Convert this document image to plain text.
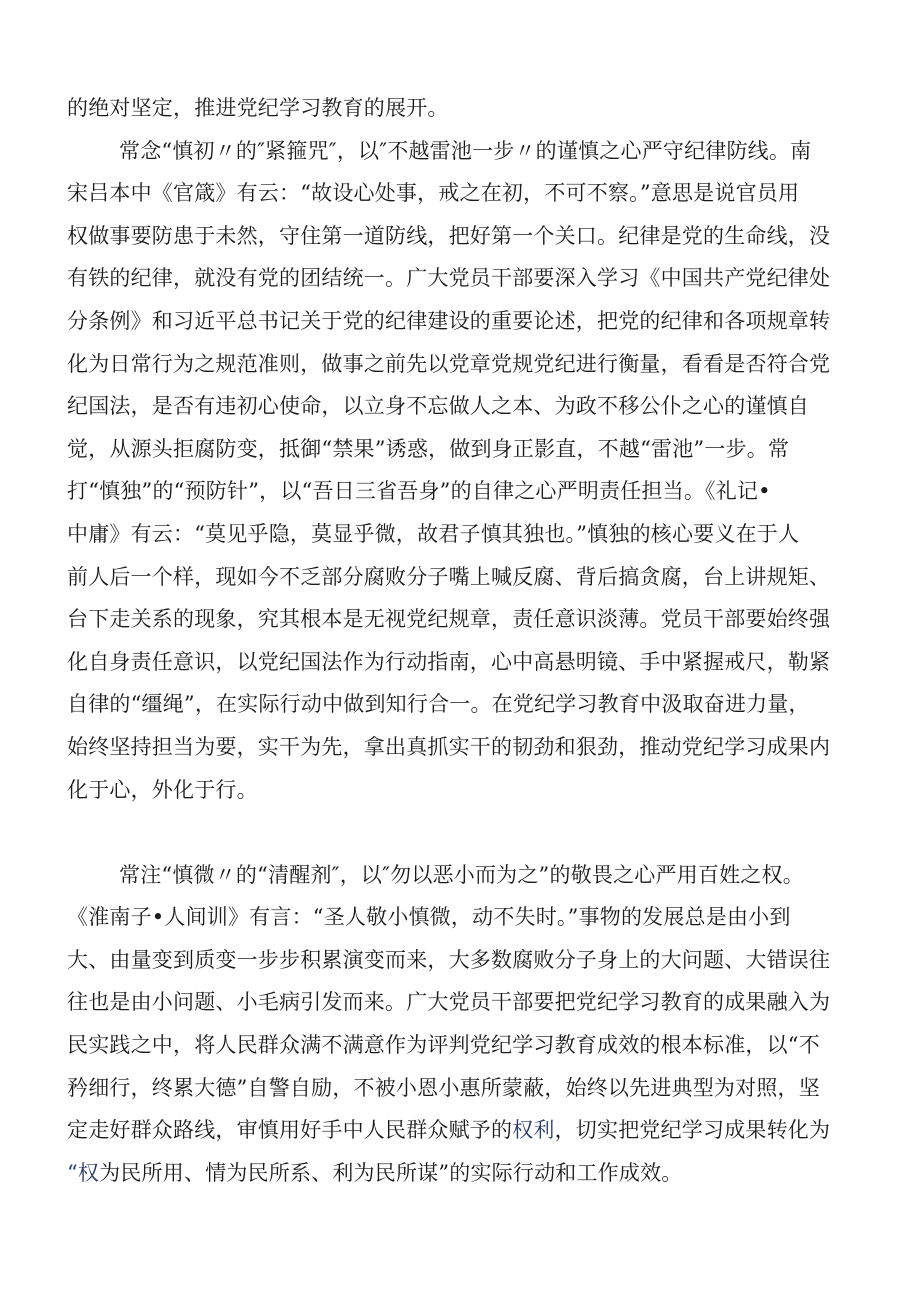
的绝对坚定，推进党纪学习教育的展开。
常念“慎初〃的″紧箍咒″，以″不越雷池一步〃的谨慎之心严守纪律防线。南
宋吕本中《官箴》有云：“故设心处事，戒之在初，不可不察。”意思是说官员用
权做事要防患于未然，守住第一道防线，把好第一个关口。纪律是党的生命线，没
有铁的纪律，就没有党的团结统一。广大党员干部要深入学习《中国共产党纪律处
分条例》和习近平总书记关于党的纪律建设的重要论述，把党的纪律和各项规章转
化为日常行为之规范准则，做事之前先以党章党规党纪进行衡量，看看是否符合党
纪国法，是否有违初心使命，以立身不忘做人之本、为政不移公仆之心的谨慎自
觉，从源头拒腐防变，抵御“禁果”诱惑，做到身正影直，不越“雷池”一步。常
打“慎独”的“预防针”，以“吾日三省吾身”的自律之心严明责任担当。《礼记•
中庸》有云：“莫见乎隐，莫显乎微，故君子慎其独也。”慎独的核心要义在于人
前人后一个样，现如今不乏部分腐败分子嘴上喊反腐、背后搞贪腐，台上讲规矩、
台下走关系的现象，究其根本是无视党纪规章，责任意识淡薄。党员干部要始终强
化自身责任意识，以党纪国法作为行动指南，心中高悬明镜、手中紧握戒尺，勒紧
自律的“缰绳”，在实际行动中做到知行合一。在党纪学习教育中汲取奋进力量，
始终坚持担当为要，实干为先，拿出真抓实干的韧劲和狠劲，推动党纪学习成果内
化于心，外化于行。
常注“慎微〃的“清醒剂″，以″勿以恶小而为之”的敬畏之心严用百姓之权。
《淮南子•人间训》有言：“圣人敬小慎微，动不失时。”事物的发展总是由小到
大、由量变到质变一步步积累演变而来，大多数腐败分子身上的大问题、大错误往
往也是由小问题、小毛病引发而来。广大党员干部要把党纪学习教育的成果融入为
民实践之中，将人民群众满不满意作为评判党纪学习教育成效的根本标准，以“不
矜细行，终累大德”自警自励，不被小恩小惠所蒙蔽，始终以先进典型为对照，坚
定走好群众路线，审慎用好手中人民群众赋予的权利，切实把党纪学习成果转化为
“权为民所用、情为民所系、利为民所谋”的实际行动和工作成效。
